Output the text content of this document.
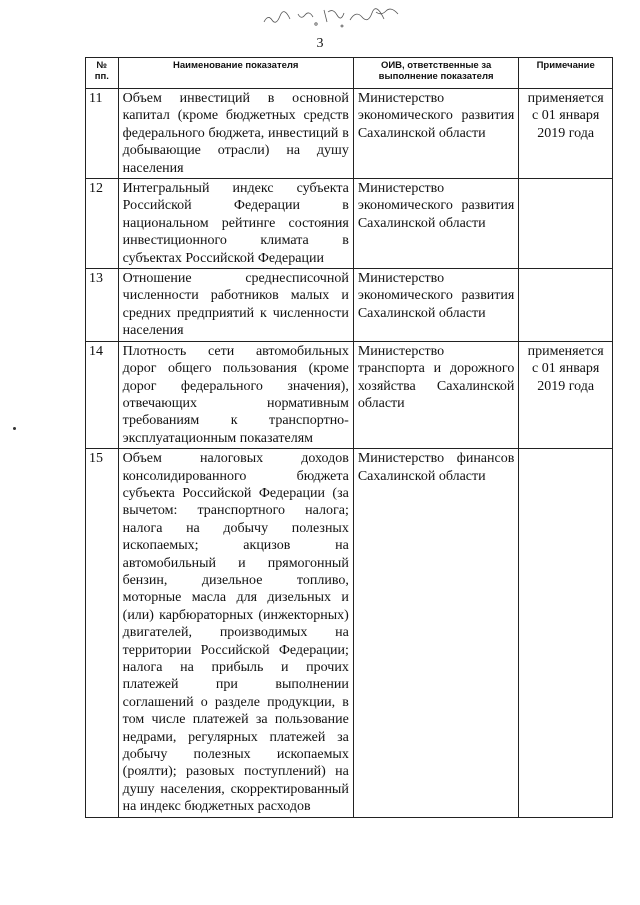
3
№ пп.	Наименование показателя	ОИВ, ответственные за выполнение показателя	Примечание
11	Объем инвестиций в основной капитал (кроме бюджетных средств федерального бюджета, инвестиций в добывающие отрасли) на душу населения	Министерство экономического развития Сахалинской области	применяется с 01 января 2019 года
12	Интегральный индекс субъекта Российской Федерации в национальном рейтинге состояния инвестиционного климата в субъектах Российской Федерации	Министерство экономического развития Сахалинской области	
13	Отношение среднесписочной численности работников малых и средних предприятий к численности населения	Министерство экономического развития Сахалинской области	
14	Плотность сети автомобильных дорог общего пользования (кроме дорог федерального значения), отвечающих нормативным требованиям к транспортно-эксплуатационным показателям	Министерство транспорта и дорожного хозяйства Сахалинской области	применяется с 01 января 2019 года
15	Объем налоговых доходов консолидированного бюджета субъекта Российской Федерации (за вычетом: транспортного налога; налога на добычу полезных ископаемых; акцизов на автомобильный и прямогонный бензин, дизельное топливо, моторные масла для дизельных и (или) карбюраторных (инжекторных) двигателей, производимых на территории Российской Федерации; налога на прибыль и прочих платежей при выполнении соглашений о разделе продукции, в том числе платежей за пользование недрами, регулярных платежей за добычу полезных ископаемых (роялти); разовых поступлений) на душу населения, скорректированный на индекс бюджетных расходов	Министерство финансов Сахалинской области	
